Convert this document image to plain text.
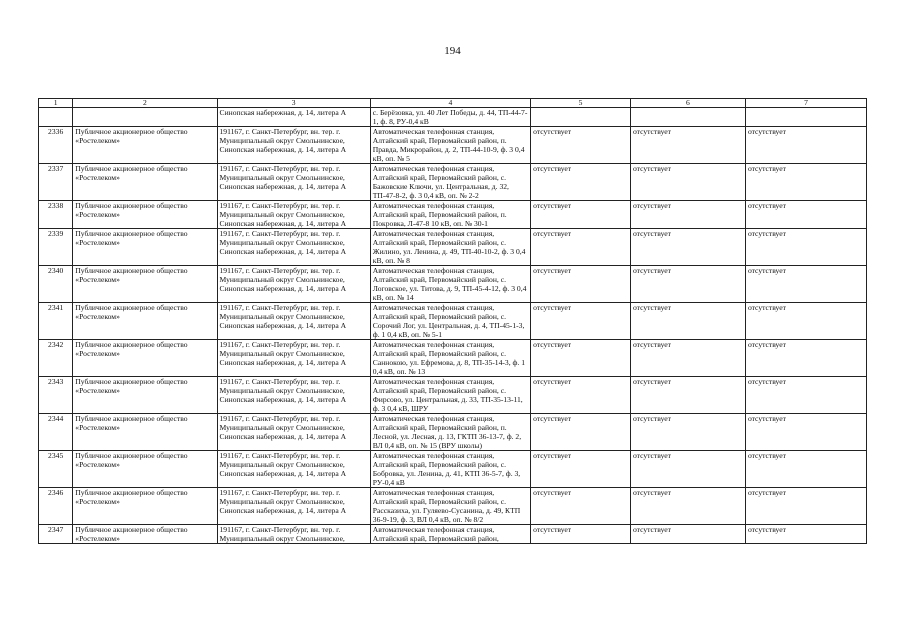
194
1	2	3	4	5	6	7
		Синопская набережная, д. 14, литера А	с. Берёзовка, ул. 40 Лет Победы, д. 44, ТП-44-7-1, ф. 8, РУ-0,4 кВ			
2336	Публичное акционерное общество «Ростелеком»	191167, г. Санкт-Петербург, вн. тер. г. Муниципальный округ Смольнинское, Синопская набережная, д. 14, литера А	Автоматическая телефонная станция, Алтайский край, Первомайский район, п. Правда, Микрорайон, д. 2, ТП-44-10-9, ф. 3 0,4 кВ, оп. № 5	отсутствует	отсутствует	отсутствует
2337	Публичное акционерное общество «Ростелеком»	191167, г. Санкт-Петербург, вн. тер. г. Муниципальный округ Смольнинское, Синопская набережная, д. 14, литера А	Автоматическая телефонная станция, Алтайский край, Первомайский район, с. Бажовские Ключи, ул. Центральная, д. 32, ТП-47-8-2, ф. 3 0,4 кВ, оп. № 2-2	отсутствует	отсутствует	отсутствует
2338	Публичное акционерное общество «Ростелеком»	191167, г. Санкт-Петербург, вн. тер. г. Муниципальный округ Смольнинское, Синопская набережная, д. 14, литера А	Автоматическая телефонная станция, Алтайский край, Первомайский район, п. Покровка, Л-47-8 10 кВ, оп. № 30-1	отсутствует	отсутствует	отсутствует
2339	Публичное акционерное общество «Ростелеком»	191167, г. Санкт-Петербург, вн. тер. г. Муниципальный округ Смольнинское, Синопская набережная, д. 14, литера А	Автоматическая телефонная станция, Алтайский край, Первомайский район, с. Жилино, ул. Ленина, д. 49, ТП-40-10-2, ф. 3 0,4 кВ, оп. № 8	отсутствует	отсутствует	отсутствует
2340	Публичное акционерное общество «Ростелеком»	191167, г. Санкт-Петербург, вн. тер. г. Муниципальный округ Смольнинское, Синопская набережная, д. 14, литера А	Автоматическая телефонная станция, Алтайский край, Первомайский район, с. Логовское, ул. Титова, д. 9, ТП-45-4-12, ф. 3 0,4 кВ, оп. № 14	отсутствует	отсутствует	отсутствует
2341	Публичное акционерное общество «Ростелеком»	191167, г. Санкт-Петербург, вн. тер. г. Муниципальный округ Смольнинское, Синопская набережная, д. 14, литера А	Автоматическая телефонная станция, Алтайский край, Первомайский район, с. Сорочий Лог, ул. Центральная, д. 4, ТП-45-1-3, ф. 1 0,4 кВ, оп. № 5-1	отсутствует	отсутствует	отсутствует
2342	Публичное акционерное общество «Ростелеком»	191167, г. Санкт-Петербург, вн. тер. г. Муниципальный округ Смольнинское, Синопская набережная, д. 14, литера А	Автоматическая телефонная станция, Алтайский край, Первомайский район, с. Саннокою, ул. Ефремова, д. 8, ТП-35-14-3, ф. 1 0,4 кВ, оп. № 13	отсутствует	отсутствует	отсутствует
2343	Публичное акционерное общество «Ростелеком»	191167, г. Санкт-Петербург, вн. тер. г. Муниципальный округ Смольнинское, Синопская набережная, д. 14, литера А	Автоматическая телефонная станция, Алтайский край, Первомайский район, с. Фирсово, ул. Центральная, д. 33, ТП-35-13-11, ф. 3 0,4 кВ, ШРУ	отсутствует	отсутствует	отсутствует
2344	Публичное акционерное общество «Ростелеком»	191167, г. Санкт-Петербург, вн. тер. г. Муниципальный округ Смольнинское, Синопская набережная, д. 14, литера А	Автоматическая телефонная станция, Алтайский край, Первомайский район, п. Лесной, ул. Лесная, д. 13, ГКТП 36-13-7, ф. 2, ВЛ 0,4 кВ, оп. № 15 (ВРУ школы)	отсутствует	отсутствует	отсутствует
2345	Публичное акционерное общество «Ростелеком»	191167, г. Санкт-Петербург, вн. тер. г. Муниципальный округ Смольнинское, Синопская набережная, д. 14, литера А	Автоматическая телефонная станция, Алтайский край, Первомайский район, с. Бобровка, ул. Ленина, д. 41, КТП 36-5-7, ф. 3, РУ-0,4 кВ	отсутствует	отсутствует	отсутствует
2346	Публичное акционерное общество «Ростелеком»	191167, г. Санкт-Петербург, вн. тер. г. Муниципальный округ Смольнинское, Синопская набережная, д. 14, литера А	Автоматическая телефонная станция, Алтайский край, Первомайский район, с. Рассказиха, ул. Гуляево-Сусанина, д. 49, КТП 36-9-19, ф. 3, ВЛ 0,4 кВ, оп. № 8/2	отсутствует	отсутствует	отсутствует
2347	Публичное акционерное общество «Ростелеком»	191167, г. Санкт-Петербург, вн. тер. г. Муниципальный округ Смольнинское,	Автоматическая телефонная станция, Алтайский край, Первомайский район,	отсутствует	отсутствует	отсутствует
